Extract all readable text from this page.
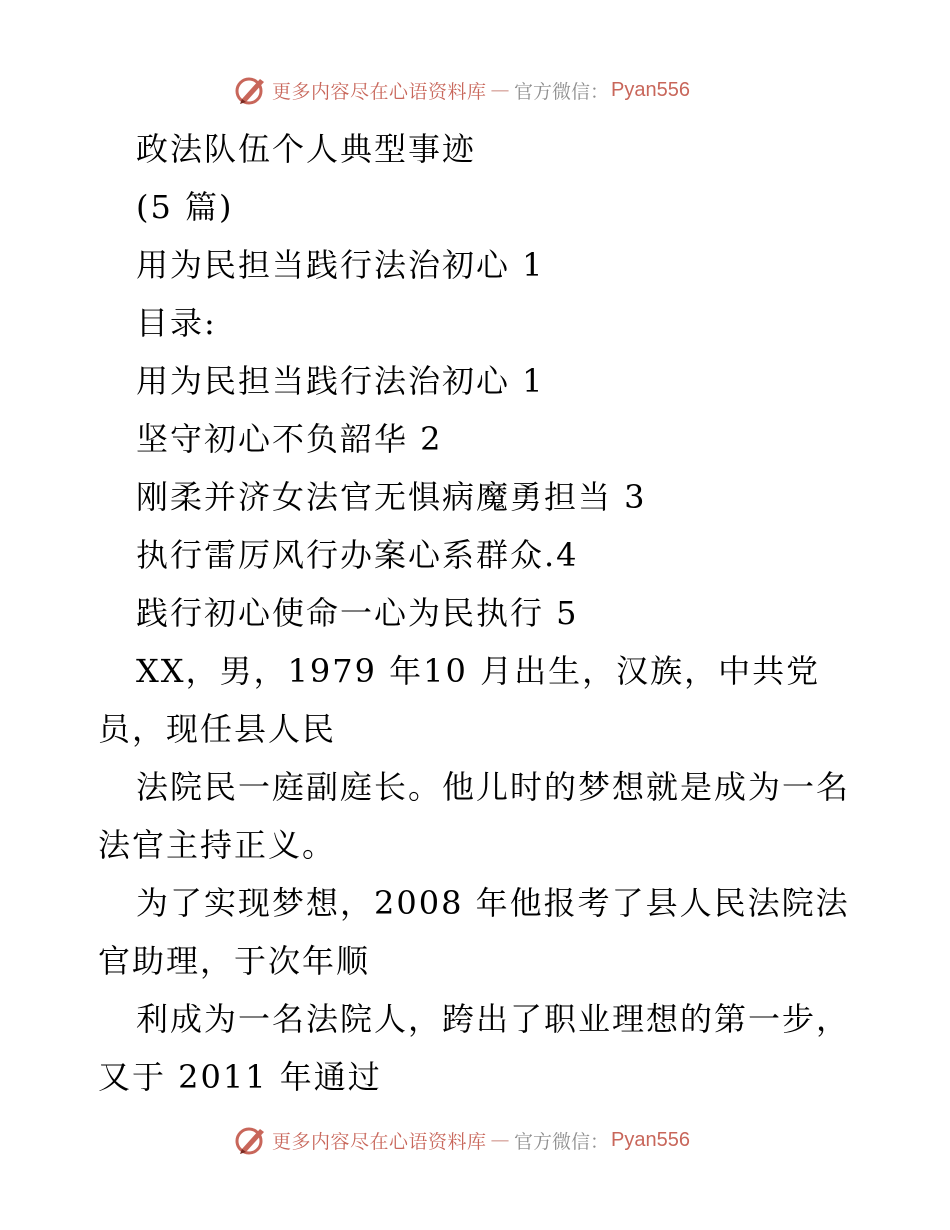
更多内容尽在心语资料库 — 官方微信： Pyan556
政法队伍个人典型事迹
(5 篇)
用为民担当践行法治初心 1
目录:
用为民担当践行法治初心 1
坚守初心不负韶华 2
刚柔并济女法官无惧病魔勇担当 3
执行雷厉风行办案心系群众.4
践行初心使命一心为民执行 5
XX，男，1979 年10 月出生，汉族，中共党
员，现任县人民
法院民一庭副庭长。他儿时的梦想就是成为一名
法官主持正义。
为了实现梦想，2008 年他报考了县人民法院法
官助理，于次年顺
利成为一名法院人，跨出了职业理想的第一步，
又于 2011 年通过
更多内容尽在心语资料库 — 官方微信： Pyan556
